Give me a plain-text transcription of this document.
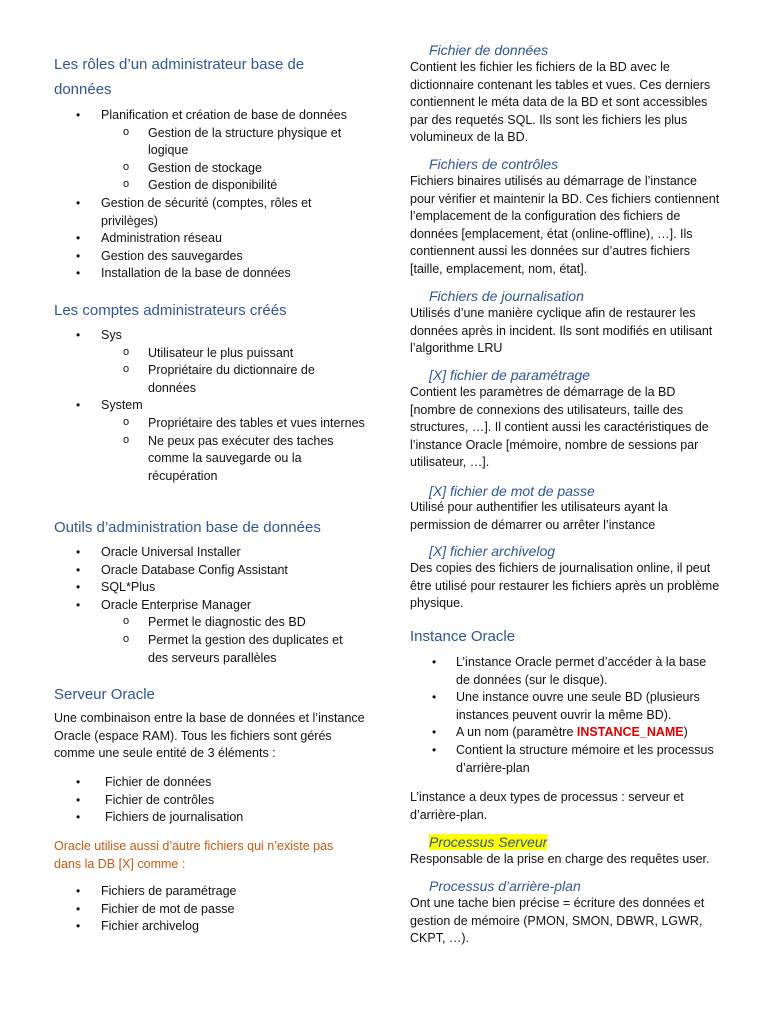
Les rôles d’un administrateur base de données
• Planification et création de base de données
o Gestion de la structure physique et logique
o Gestion de stockage
o Gestion de disponibilité
• Gestion de sécurité (comptes, rôles et privilèges)
• Administration réseau
• Gestion des sauvegardes
• Installation de la base de données
Les comptes administrateurs créés
• Sys
o Utilisateur le plus puissant
o Propriétaire du dictionnaire de données
• System
o Propriétaire des tables et vues internes
o Ne peux pas exécuter des taches comme la sauvegarde ou la récupération
Outils d’administration base de données
• Oracle Universal Installer
• Oracle Database Config Assistant
• SQL*Plus
• Oracle Enterprise Manager
o Permet le diagnostic des BD
o Permet la gestion des duplicates et des serveurs parallèles
Serveur Oracle

Une combinaison entre la base de données et l’instance Oracle (espace RAM). Tous les fichiers sont gérés comme une seule entité de 3 éléments :

• Fichier de données
• Fichier de contrôles
• Fichiers de journalisation

Oracle utilise aussi d’autre fichiers qui n’existe pas dans la DB [X] comme :

• Fichiers de paramétrage
• Fichier de mot de passe
• Fichier archivelog
Fichier de données

Contient les fichier les fichiers de la BD avec le dictionnaire contenant les tables et vues. Ces derniers contiennent le méta data de la BD et sont accessibles par des requetés SQL. Ils sont les fichiers les plus volumineux de la BD.

Fichiers de contrôles

Fichiers binaires utilisés au démarrage de l’instance pour vérifier et maintenir la BD. Ces fichiers contiennent l’emplacement de la configuration des fichiers de données [emplacement, état (online-offline), …]. Ils contiennent aussi les données sur d’autres fichiers [taille, emplacement, nom, état].

Fichiers de journalisation

Utilisés d’une manière cyclique afin de restaurer les données après in incident. Ils sont modifiés en utilisant l’algorithme LRU

[X] fichier de paramétrage

Contient les paramètres de démarrage de la BD [nombre de connexions des utilisateurs, taille des structures, …]. Il contient aussi les caractéristiques de l’instance Oracle [mémoire, nombre de sessions par utilisateur, …].

[X] fichier de mot de passe

Utilisé pour authentifier les utilisateurs ayant la permission de démarrer ou arrêter l’instance

[X] fichier archivelog

Des copies des fichiers de journalisation online, il peut être utilisé pour restaurer les fichiers après un problème physique.

Instance Oracle
• L’instance Oracle permet d’accéder à la base de données (sur le disque).
• Une instance ouvre une seule BD (plusieurs instances peuvent ouvrir la même BD).
• A un nom (paramètre INSTANCE_NAME)
• Contient la structure mémoire et les processus d’arrière-plan

L’instance a deux types de processus : serveur et d’arrière-plan.

Processus Serveur

Responsable de la prise en charge des requêtes user.

Processus d’arrière-plan

Ont une tache bien précise = écriture des données et gestion de mémoire (PMON, SMON, DBWR, LGWR, CKPT, …).
